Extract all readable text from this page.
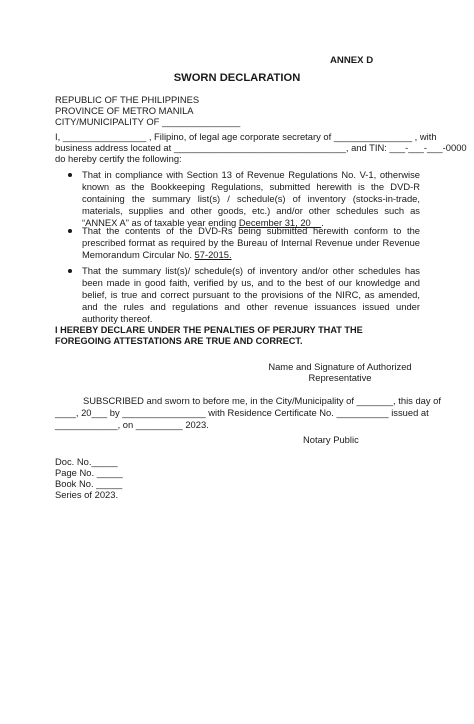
ANNEX D
SWORN DECLARATION
REPUBLIC OF THE PHILIPPINES
PROVINCE OF METRO MANILA
CITY/MUNICIPALITY OF _______________
I, ________________ , Filipino, of legal age corporate secretary of _______________ , with
business address located at _________________________________, and TIN: ___-___-___-0000
do hereby certify the following:
That in compliance with Section 13 of Revenue Regulations No. V-1, otherwise known as the Bookkeeping Regulations, submitted herewith is the DVD-R containing the summary list(s) / schedule(s) of inventory (stocks-in-trade, materials, supplies and other goods, etc.) and/or other schedules such as “ANNEX A” as of taxable year ending December 31, 20__.
That the contents of the DVD-Rs being submitted herewith conform to the prescribed format as required by the Bureau of Internal Revenue under Revenue Memorandum Circular No. 57-2015.
That the summary list(s)/ schedule(s) of inventory and/or other schedules has been made in good faith, verified by us, and to the best of our knowledge and belief, is true and correct pursuant to the provisions of the NIRC, as amended, and the rules and regulations and other revenue issuances issued under authority thereof.
I HEREBY DECLARE UNDER THE PENALTIES OF PERJURY THAT THE FOREGOING ATTESTATIONS ARE TRUE AND CORRECT.
Name and Signature of Authorized
Representative
SUBSCRIBED and sworn to before me, in the City/Municipality of _______, this day of
____, 20___ by ________________ with Residence Certificate No. __________ issued at
____________, on _________ 2023.
Notary Public
Doc. No._____
Page No. _____
Book No. _____
Series of 2023.
